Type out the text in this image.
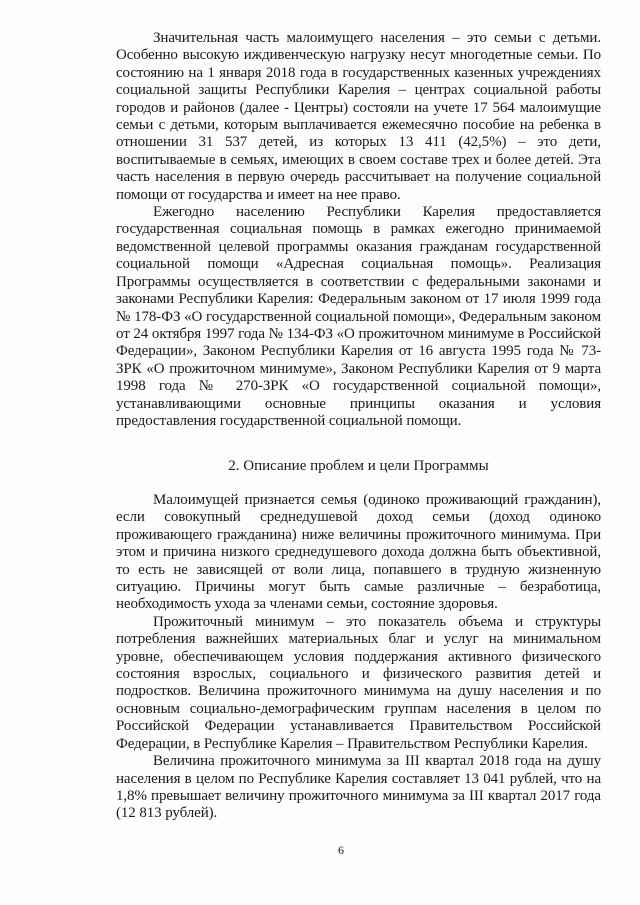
Значительная часть малоимущего населения – это семьи с детьми. Особенно высокую иждивенческую нагрузку несут многодетные семьи. По состоянию на 1 января 2018 года в государственных казенных учреждениях социальной защиты Республики Карелия – центрах социальной работы городов и районов (далее - Центры) состояли на учете 17 564 малоимущие семьи с детьми, которым выплачивается ежемесячно пособие на ребенка в отношении 31 537 детей, из которых 13 411 (42,5%) – это дети, воспитываемые в семьях, имеющих в своем составе трех и более детей. Эта часть населения в первую очередь рассчитывает на получение социальной помощи от государства и имеет на нее право.

Ежегодно населению Республики Карелия предоставляется государственная социальная помощь в рамках ежегодно принимаемой ведомственной целевой программы оказания гражданам государственной социальной помощи «Адресная социальная помощь». Реализация Программы осуществляется в соответствии с федеральными законами и законами Республики Карелия: Федеральным законом от 17 июля 1999 года № 178-ФЗ «О государственной социальной помощи», Федеральным законом от 24 октября 1997 года № 134-ФЗ «О прожиточном минимуме в Российской Федерации», Законом Республики Карелия от 16 августа 1995 года № 73-ЗРК «О прожиточном минимуме», Законом Республики Карелия от 9 марта 1998 года № 270-ЗРК «О государственной социальной помощи», устанавливающими основные принципы оказания и условия предоставления государственной социальной помощи.

2. Описание проблем и цели Программы

Малоимущей признается семья (одиноко проживающий гражданин), если совокупный среднедушевой доход семьи (доход одиноко проживающего гражданина) ниже величины прожиточного минимума. При этом и причина низкого среднедушевого дохода должна быть объективной, то есть не зависящей от воли лица, попавшего в трудную жизненную ситуацию. Причины могут быть самые различные – безработица, необходимость ухода за членами семьи, состояние здоровья.

Прожиточный минимум – это показатель объема и структуры потребления важнейших материальных благ и услуг на минимальном уровне, обеспечивающем условия поддержания активного физического состояния взрослых, социального и физического развития детей и подростков. Величина прожиточного минимума на душу населения и по основным социально-демографическим группам населения в целом по Российской Федерации устанавливается Правительством Российской Федерации, в Республике Карелия – Правительством Республики Карелия.

Величина прожиточного минимума за III квартал 2018 года на душу населения в целом по Республике Карелия составляет 13 041 рублей, что на 1,8% превышает величину прожиточного минимума за III квартал 2017 года (12 813 рублей).

6
